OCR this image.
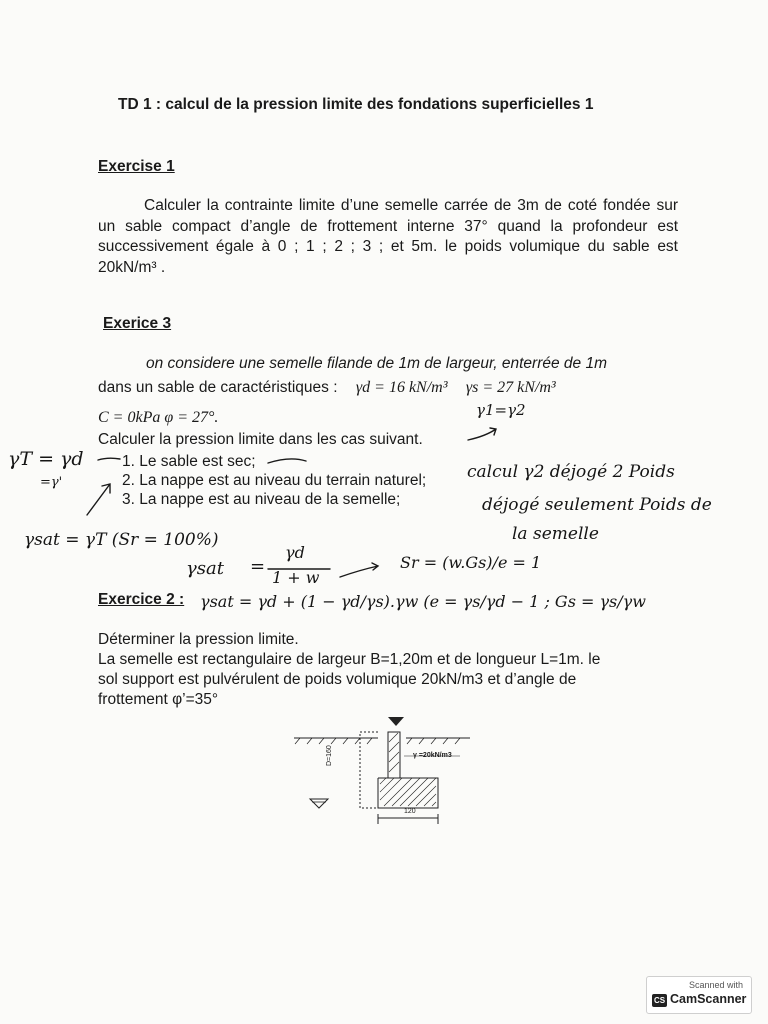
TD 1 : calcul de la pression limite des fondations superficielles 1
Exercise 1
Calculer la contrainte limite d’une semelle carrée de 3m de coté fondée sur un sable compact d’angle de frottement interne 37° quand la profondeur est successivement égale à 0 ; 1 ; 2 ; 3 ; et 5m. le poids volumique du sable est 20kN/m³ .
Exerice 3
on considere une semelle filande de 1m de largeur, enterrée de 1m
dans un sable de caractéristiques : γd = 16 kN/m³ γs = 27 kN/m³
C = 0kPa φ = 27°.
Calculer la pression limite dans les cas suivant.
1. Le sable est sec;
2. La nappe est au niveau du terrain naturel;
3. La nappe est au niveau de la semelle;
Exercice 2 :
Déterminer la pression limite.
La semelle est rectangulaire de largeur B=1,20m et de longueur L=1m. le
sol support est pulvérulent de poids volumique 20kN/m3 et d’angle de
frottement φ’=35°
γ1=γ2
γT = γd
=γ'
calcul γ2 déjogé 2 Poids
déjogé seulement Poids de
la semelle
γsat = γT (Sr = 100%)
γsat =
γd
1 + w
Sr = (w.Gs)/e = 1
γsat = γd + (1 − γd/γs).γw (e = γs/γd − 1 ; Gs = γs/γw
γ =20kN/m3
120
D=160
Scanned with
CS CamScanner
